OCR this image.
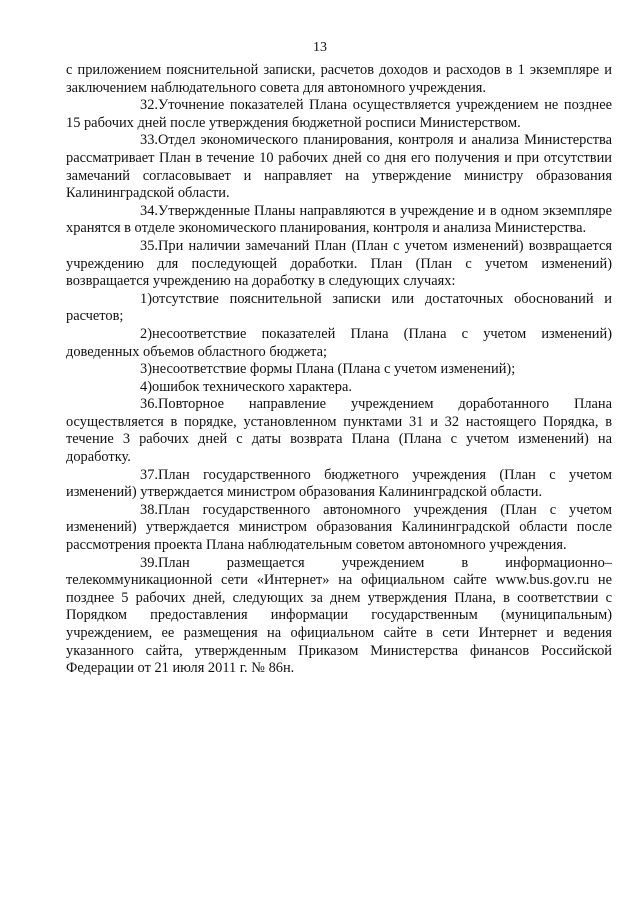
13

с приложением пояснительной записки, расчетов доходов и расходов в 1 экземпляре и заключением наблюдательного совета для автономного учреждения.

32.Уточнение показателей Плана осуществляется учреждением не позднее 15 рабочих дней после утверждения бюджетной росписи Министерством.

33.Отдел экономического планирования, контроля и анализа Министерства рассматривает План в течение 10 рабочих дней со дня его получения и при отсутствии замечаний согласовывает и направляет на утверждение министру образования Калининградской области.

34.Утвержденные Планы направляются в учреждение и в одном экземпляре хранятся в отделе экономического планирования, контроля и анализа Министерства.

35.При наличии замечаний План (План с учетом изменений) возвращается учреждению для последующей доработки. План (План с учетом изменений) возвращается учреждению на доработку в следующих случаях:

1)отсутствие пояснительной записки или достаточных обоснований и расчетов;

2)несоответствие показателей Плана (Плана с учетом изменений) доведенных объемов областного бюджета;

3)несоответствие формы Плана (Плана с учетом изменений);

4)ошибок технического характера.

36.Повторное направление учреждением доработанного Плана осуществляется в порядке, установленном пунктами 31 и 32 настоящего Порядка, в течение 3 рабочих дней с даты возврата Плана (Плана с учетом изменений) на доработку.

37.План государственного бюджетного учреждения (План с учетом изменений) утверждается министром образования Калининградской области.

38.План государственного автономного учреждения (План с учетом изменений) утверждается министром образования Калининградской области после рассмотрения проекта Плана наблюдательным советом автономного учреждения.

39.План размещается учреждением в информационно–телекоммуникационной сети «Интернет» на официальном сайте www.bus.gov.ru не позднее 5 рабочих дней, следующих за днем утверждения Плана, в соответствии с Порядком предоставления информации государственным (муниципальным) учреждением, ее размещения на официальном сайте в сети Интернет и ведения указанного сайта, утвержденным Приказом Министерства финансов Российской Федерации от 21 июля 2011 г. № 86н.
